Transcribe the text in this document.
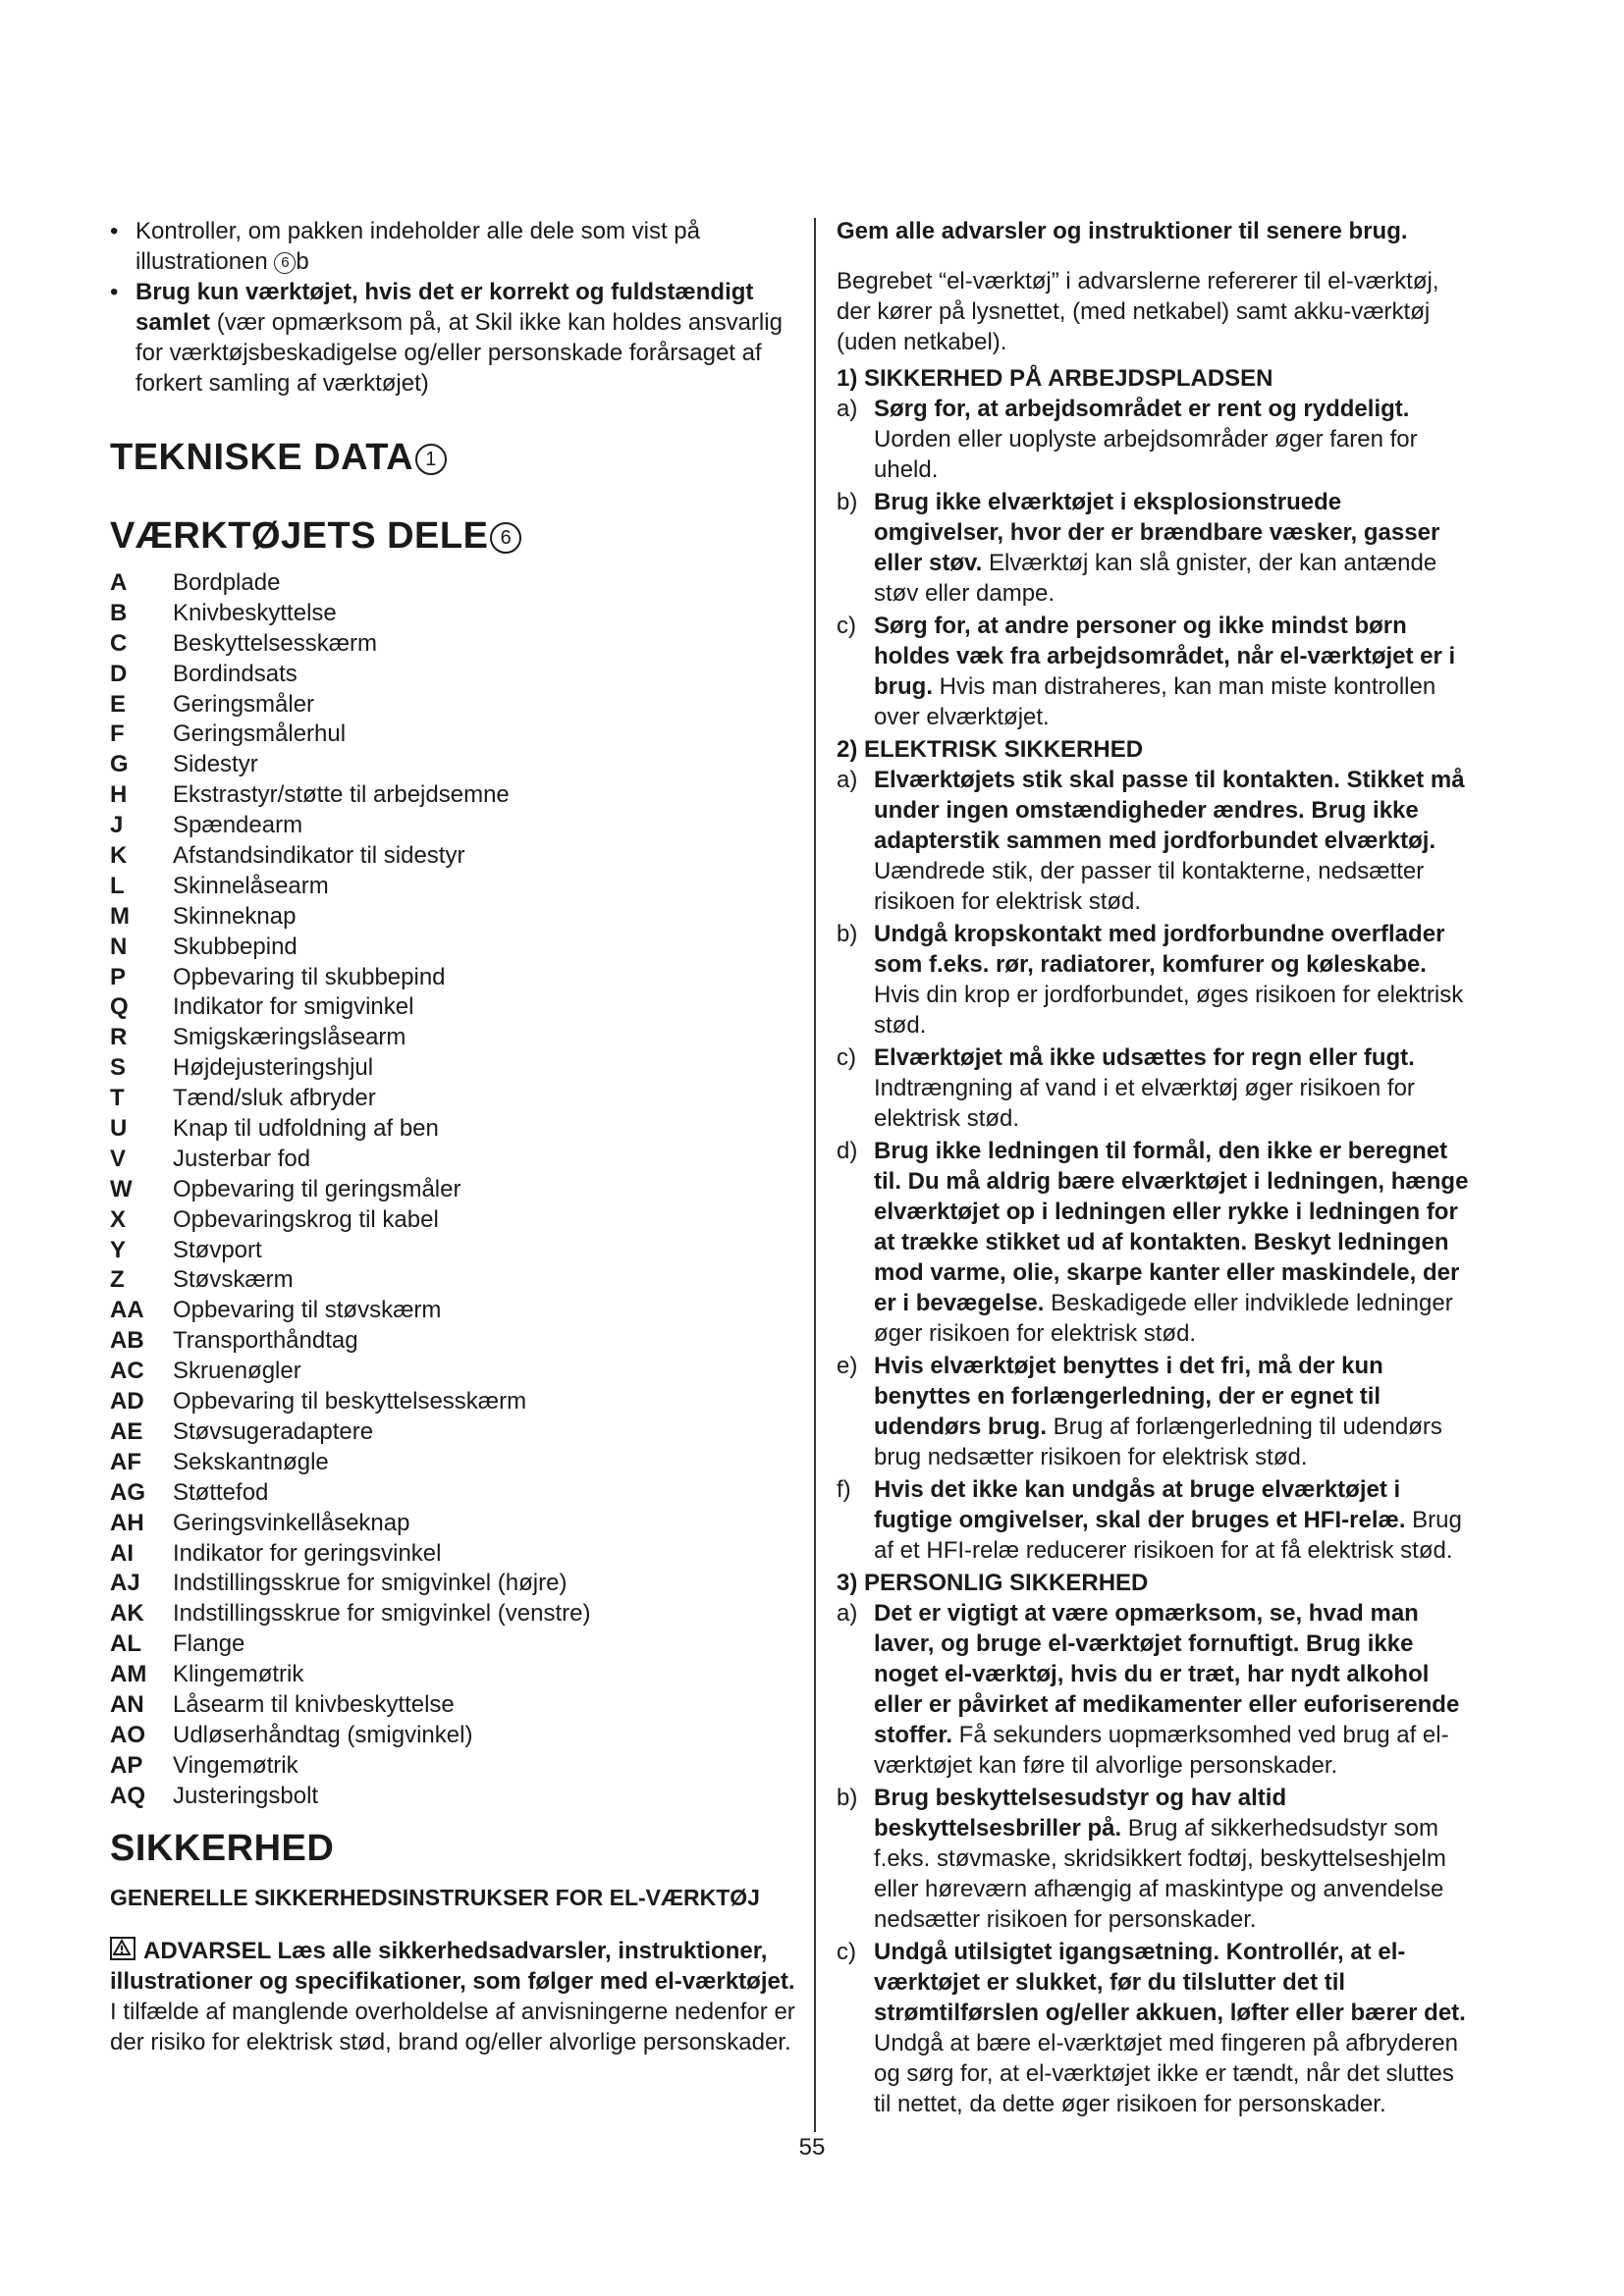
• Kontroller, om pakken indeholder alle dele som vist på illustrationen 6 b
• Brug kun værktøjet, hvis det er korrekt og fuldstændigt samlet (vær opmærksom på, at Skil ikke kan holdes ansvarlig for værktøjsbeskadigelse og/eller personskade forårsaget af forkert samling af værktøjet)
TEKNISKE DATA 1
VÆRKTØJETS DELE 6
A	Bordplade
B	Knivbeskyttelse
C	Beskyttelsesskærm
D	Bordindsats
E	Geringsmåler
F	Geringsmålerhul
G	Sidestyr
H	Ekstrastyr/støtte til arbejdsemne
J	Spændearm
K	Afstandsindikator til sidestyr
L	Skinnelåsearm
M	Skinneknap
N	Skubbepind
P	Opbevaring til skubbepind
Q	Indikator for smigvinkel
R	Smigskæringslåsearm
S	Højdejusteringshjul
T	Tænd/sluk afbryder
U	Knap til udfoldning af ben
V	Justerbar fod
W	Opbevaring til geringsmåler
X	Opbevaringskrog til kabel
Y	Støvport
Z	Støvskærm
AA	Opbevaring til støvskærm
AB	Transporthåndtag
AC	Skruenøgler
AD	Opbevaring til beskyttelsesskærm
AE	Støvsugeradaptere
AF	Sekskantnøgle
AG	Støttefod
AH	Geringsvinkellåseknap
AI	Indikator for geringsvinkel
AJ	Indstillingsskrue for smigvinkel (højre)
AK	Indstillingsskrue for smigvinkel (venstre)
AL	Flange
AM	Klingemøtrik
AN	Låsearm til knivbeskyttelse
AO	Udløserhåndtag (smigvinkel)
AP	Vingemøtrik
AQ	Justeringsbolt
SIKKERHED
GENERELLE SIKKERHEDSINSTRUKSER FOR EL-VÆRKTØJ

ADVARSEL Læs alle sikkerhedsadvarsler, instruktioner, illustrationer og specifikationer, som følger med el-værktøjet. I tilfælde af manglende overholdelse af anvisningerne nedenfor er der risiko for elektrisk stød, brand og/eller alvorlige personskader.

Gem alle advarsler og instruktioner til senere brug.

Begrebet “el-værktøj” i advarslerne refererer til el-værktøj, der kører på lysnettet, (med netkabel) samt akku-værktøj (uden netkabel).

1) SIKKERHED PÅ ARBEJDSPLADSEN

a) Sørg for, at arbejdsområdet er rent og ryddeligt. Uorden eller uoplyste arbejdsområder øger faren for uheld.
b) Brug ikke elværktøjet i eksplosionstruede omgivelser, hvor der er brændbare væsker, gasser eller støv. Elværktøj kan slå gnister, der kan antænde støv eller dampe.
c) Sørg for, at andre personer og ikke mindst børn holdes væk fra arbejdsområdet, når el-værktøjet er i brug. Hvis man distraheres, kan man miste kontrollen over elværktøjet.

2) ELEKTRISK SIKKERHED

a) Elværktøjets stik skal passe til kontakten. Stikket må under ingen omstændigheder ændres. Brug ikke adapterstik sammen med jordforbundet elværktøj. Uændrede stik, der passer til kontakterne, nedsætter risikoen for elektrisk stød.
b) Undgå kropskontakt med jordforbundne overflader som f.eks. rør, radiatorer, komfurer og køleskabe. Hvis din krop er jordforbundet, øges risikoen for elektrisk stød.
c) Elværktøjet må ikke udsættes for regn eller fugt. Indtrængning af vand i et elværktøj øger risikoen for elektrisk stød.
d) Brug ikke ledningen til formål, den ikke er beregnet til. Du må aldrig bære elværktøjet i ledningen, hænge elværktøjet op i ledningen eller rykke i ledningen for at trække stikket ud af kontakten. Beskyt ledningen mod varme, olie, skarpe kanter eller maskindele, der er i bevægelse. Beskadigede eller indviklede ledninger øger risikoen for elektrisk stød.
e) Hvis elværktøjet benyttes i det fri, må der kun benyttes en forlængerledning, der er egnet til udendørs brug. Brug af forlængerledning til udendørs brug nedsætter risikoen for elektrisk stød.
f) Hvis det ikke kan undgås at bruge elværktøjet i fugtige omgivelser, skal der bruges et HFI-relæ. Brug af et HFI-relæ reducerer risikoen for at få elektrisk stød.

3) PERSONLIG SIKKERHED

a) Det er vigtigt at være opmærksom, se, hvad man laver, og bruge el-værktøjet fornuftigt. Brug ikke noget el-værktøj, hvis du er træt, har nydt alkohol eller er påvirket af medikamenter eller euforiserende stoffer. Få sekunders uopmærksomhed ved brug af el-værktøjet kan føre til alvorlige personskader.
b) Brug beskyttelsesudstyr og hav altid beskyttelsesbriller på. Brug af sikkerhedsudstyr som f.eks. støvmaske, skridsikkert fodtøj, beskyttelseshjelm eller høreværn afhængig af maskintype og anvendelse nedsætter risikoen for personskader.
c) Undgå utilsigtet igangsætning. Kontrollér, at el-værktøjet er slukket, før du tilslutter det til strømtilførslen og/eller akkuen, løfter eller bærer det. Undgå at bære el-værktøjet med fingeren på afbryderen og sørg for, at el-værktøjet ikke er tændt, når det sluttes til nettet, da dette øger risikoen for personskader.
55
